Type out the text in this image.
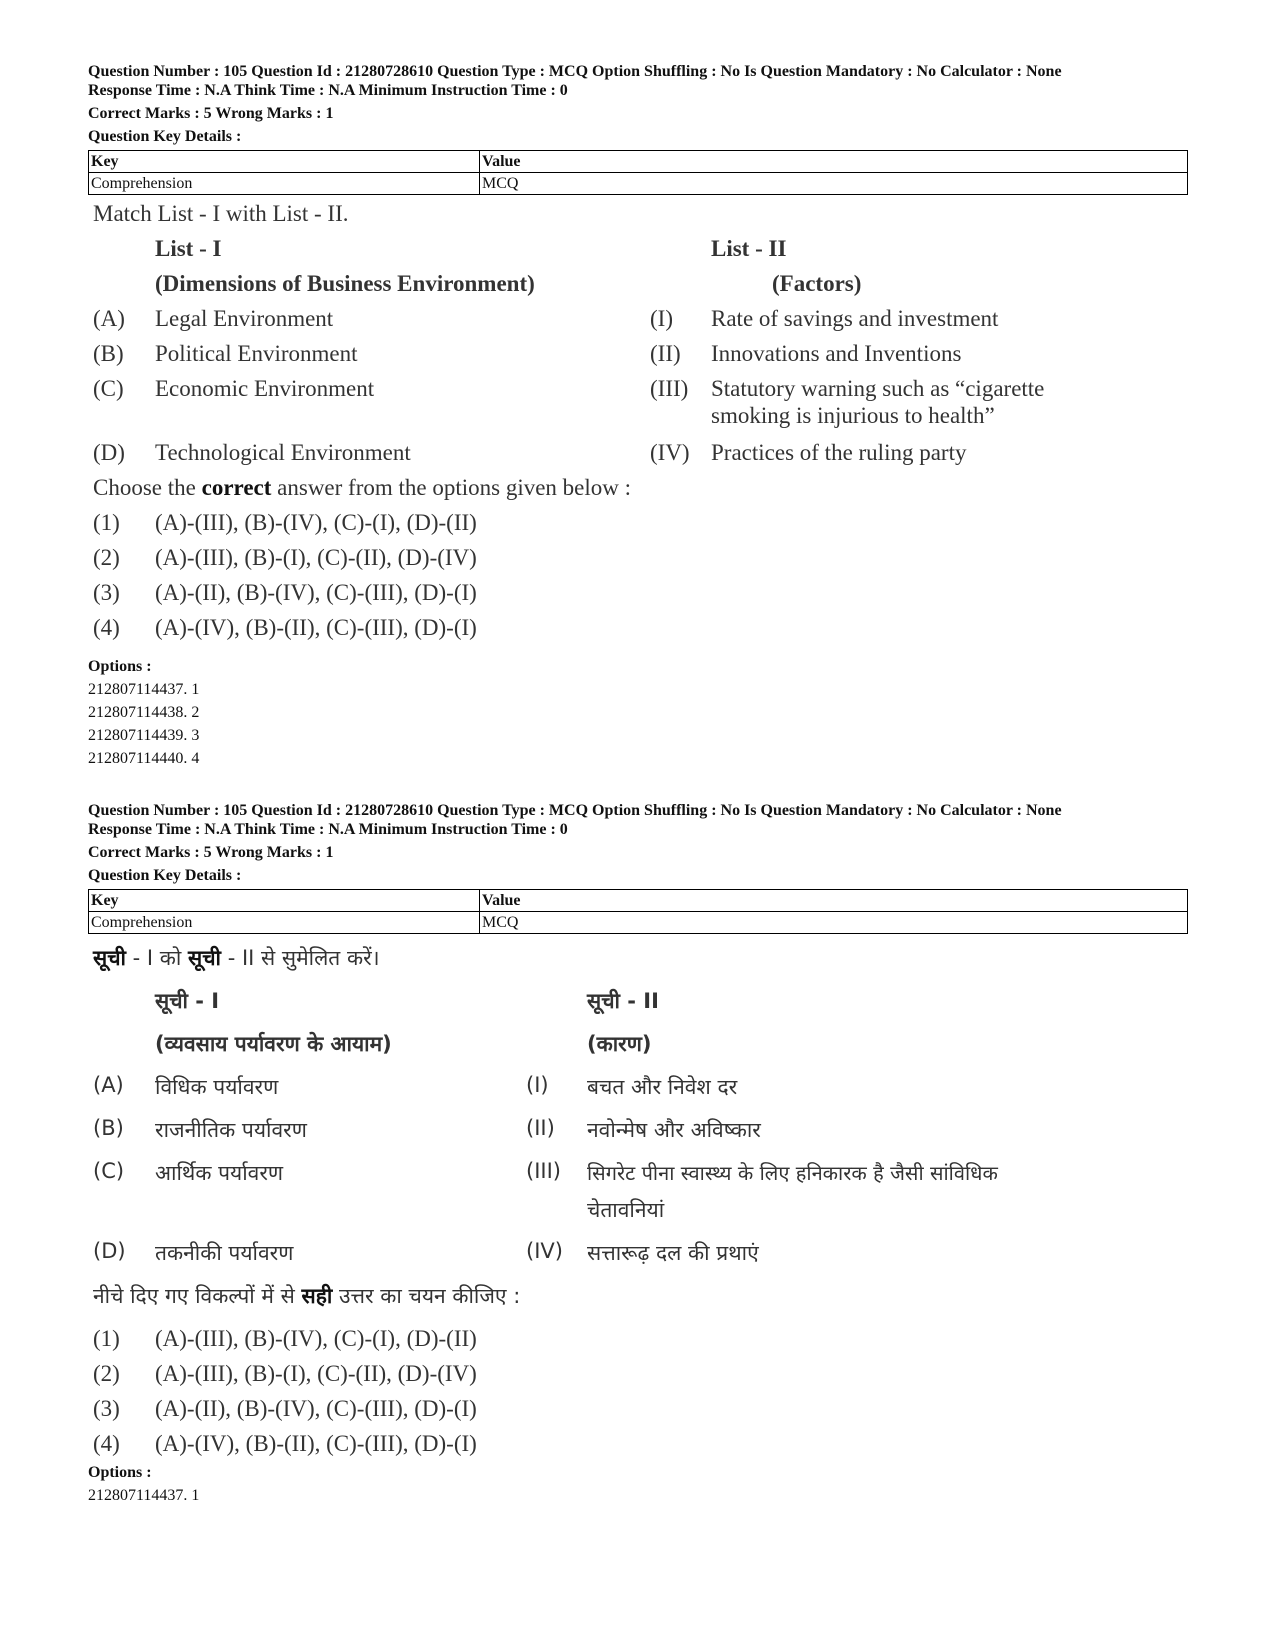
Question Number : 105 Question Id : 21280728610 Question Type : MCQ Option Shuffling : No Is Question Mandatory : No Calculator : None
Response Time : N.A Think Time : N.A Minimum Instruction Time : 0
Correct Marks : 5 Wrong Marks : 1
Question Key Details :
Key	Value
Comprehension	MCQ
Match List - I with List - II.
List - I	List - II
(Dimensions of Business Environment)	(Factors)
(A) Legal Environment	(I) Rate of savings and investment
(B) Political Environment	(II) Innovations and Inventions
(C) Economic Environment	(III) Statutory warning such as “cigarette
smoking is injurious to health”
(D) Technological Environment	(IV) Practices of the ruling party
Choose the correct answer from the options given below :
(1) (A)-(III), (B)-(IV), (C)-(I), (D)-(II)
(2) (A)-(III), (B)-(I), (C)-(II), (D)-(IV)
(3) (A)-(II), (B)-(IV), (C)-(III), (D)-(I)
(4) (A)-(IV), (B)-(II), (C)-(III), (D)-(I)
Options :
212807114437. 1
212807114438. 2
212807114439. 3
212807114440. 4
Question Number : 105 Question Id : 21280728610 Question Type : MCQ Option Shuffling : No Is Question Mandatory : No Calculator : None
Response Time : N.A Think Time : N.A Minimum Instruction Time : 0
Correct Marks : 5 Wrong Marks : 1
Question Key Details :
Key	Value
Comprehension	MCQ
सूची - I को सूची - II से सुमेलित करें।
सूची - I	सूची - II
(व्यवसाय पर्यावरण के आयाम)	(कारण)
(A) विधिक पर्यावरण	(I) बचत और निवेश दर
(B) राजनीतिक पर्यावरण	(II) नवोन्मेष और अविष्कार
(C) आर्थिक पर्यावरण	(III) सिगरेट पीना स्वास्थ्य के लिए हनिकारक है जैसी सांविधिक
चेतावनियां
(D) तकनीकी पर्यावरण	(IV) सत्तारूढ़ दल की प्रथाएं
नीचे दिए गए विकल्पों में से सही उत्तर का चयन कीजिए :
(1) (A)-(III), (B)-(IV), (C)-(I), (D)-(II)
(2) (A)-(III), (B)-(I), (C)-(II), (D)-(IV)
(3) (A)-(II), (B)-(IV), (C)-(III), (D)-(I)
(4) (A)-(IV), (B)-(II), (C)-(III), (D)-(I)
Options :
212807114437. 1
